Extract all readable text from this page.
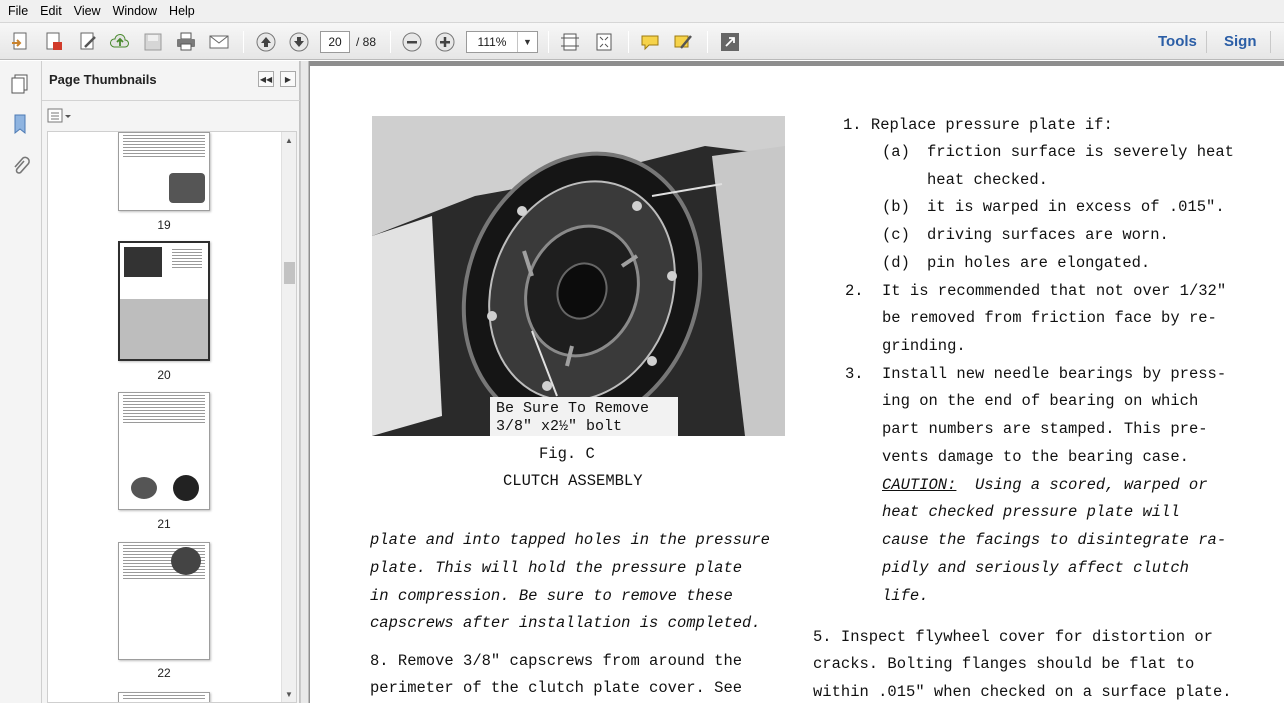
File Edit View Window Help
20	/ 88	111%	▼	Tools Sign
Page Thumbnails	◀◀	▶
19
20
21
22
▲
▼
Be Sure To Remove
3/8" x2½" bolt
Fig. C
CLUTCH ASSEMBLY
plate and into tapped holes in the pressure
plate. This will hold the pressure plate
in compression. Be sure to remove these
capscrews after installation is completed.
8. Remove 3/8" capscrews from around the
perimeter of the clutch plate cover. See
1. Replace pressure plate if:
(a) friction surface is severely heat
heat checked.
(b) it is warped in excess of .015".
(c) driving surfaces are worn.
(d) pin holes are elongated.
2. It is recommended that not over 1/32"
be removed from friction face by re-
grinding.
3. Install new needle bearings by press-
ing on the end of bearing on which
part numbers are stamped. This pre-
vents damage to the bearing case.
CAUTION: Using a scored, warped or
heat checked pressure plate will
cause the facings to disintegrate ra-
pidly and seriously affect clutch
life.
5. Inspect flywheel cover for distortion or
cracks. Bolting flanges should be flat to
within .015" when checked on a surface plate.
